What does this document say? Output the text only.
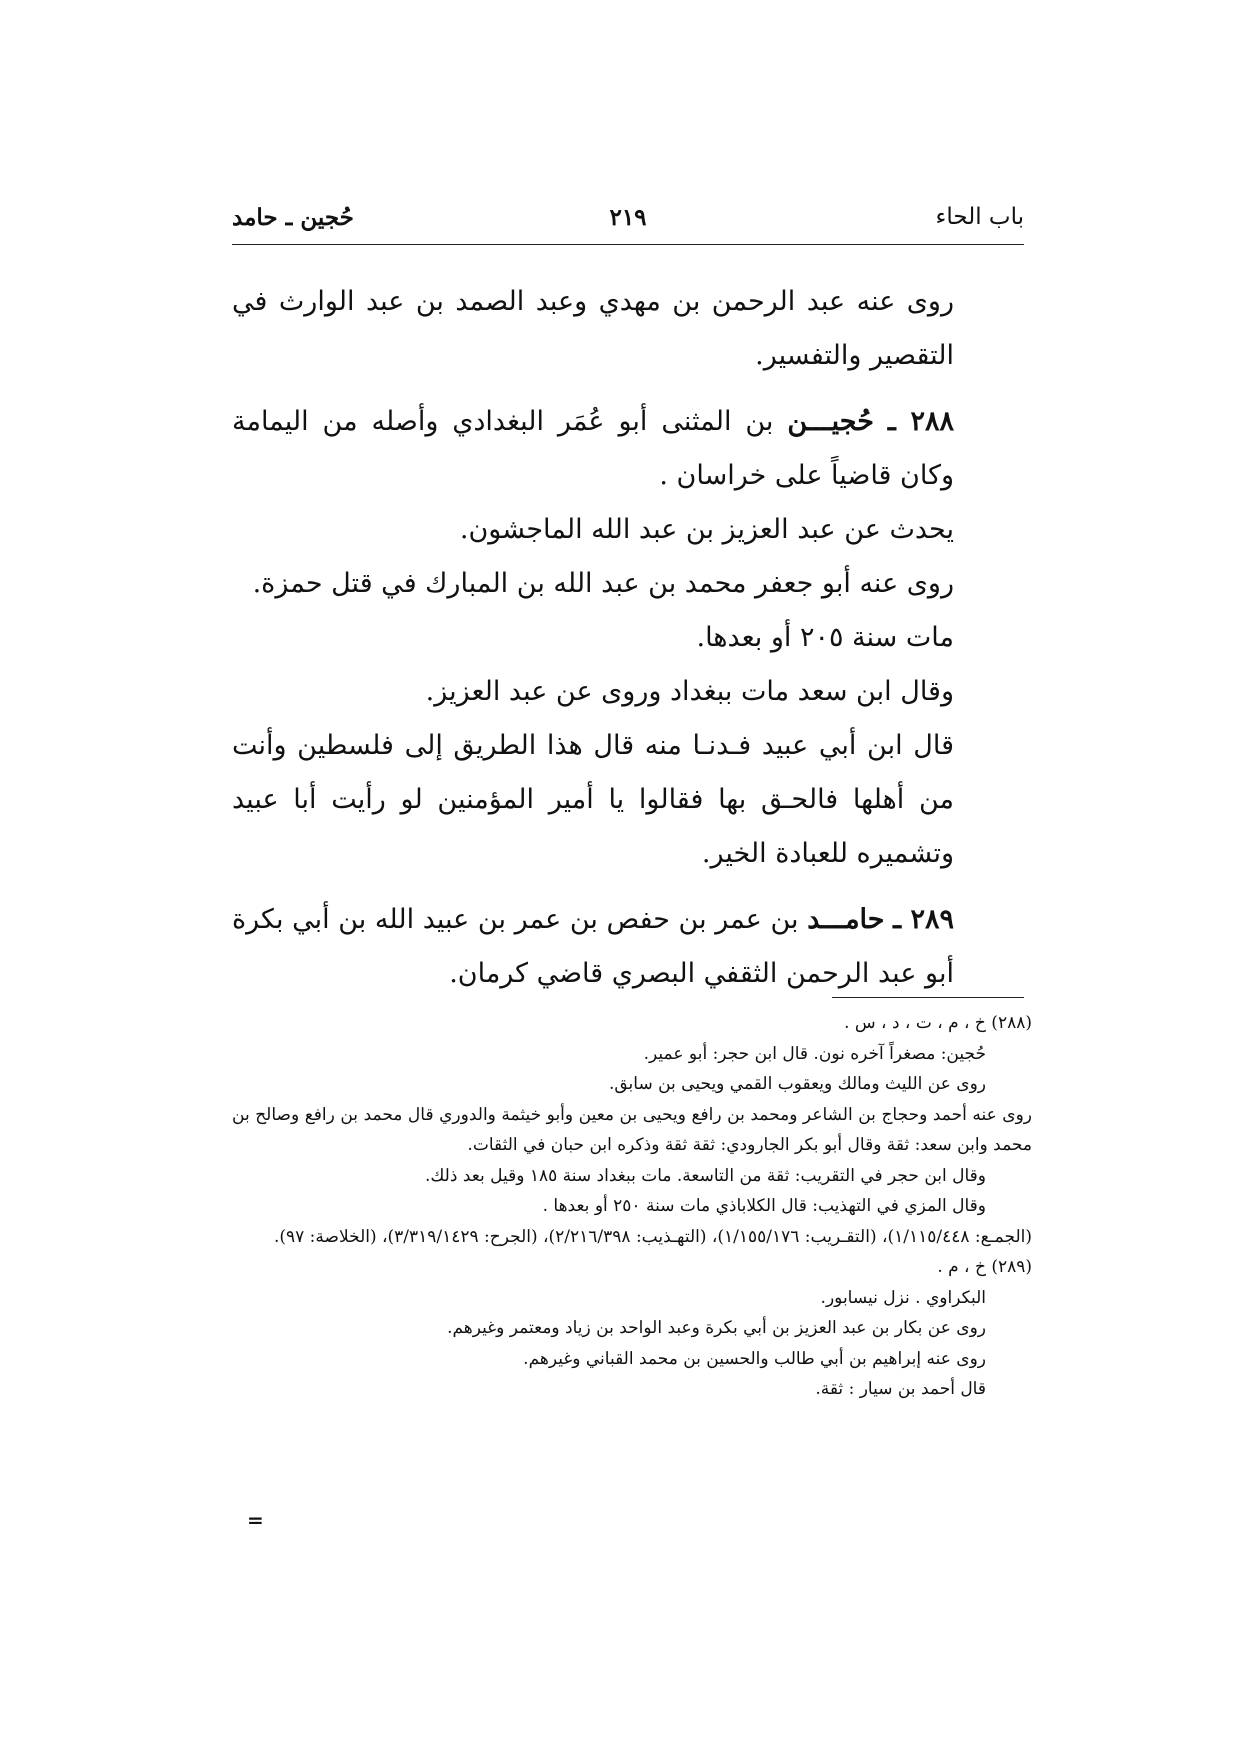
باب الحاء
٢١٩
حُجين ـ حامد

روى عنه عبد الرحمن بن مهدي وعبد الصمد بن عبد الوارث في التقصير والتفسير.

٢٨٨ ـ حُجيـــن بن المثنى أبو عُمَر البغدادي وأصله من اليمامة وكان قاضياً على خراسان .

يحدث عن عبد العزيز بن عبد الله الماجشون.

روى عنه أبو جعفر محمد بن عبد الله بن المبارك في قتل حمزة.

مات سنة ٢٠٥ أو بعدها.

وقال ابن سعد مات ببغداد وروى عن عبد العزيز.

قال ابن أبي عبيد فـدنـا منه قال هذا الطريق إلى فلسطين وأنت من أهلها فالحـق بها فقالوا يا أمير المؤمنين لو رأيت أبا عبيد وتشميره للعبادة الخير.

٢٨٩ ـ حامـــد بن عمر بن حفص بن عمر بن عبيد الله بن أبي بكرة أبو عبد الرحمن الثقفي البصري قاضي كرمان.

(٢٨٨) خ ، م ، ت ، د ، س .

حُجين: مصغراً آخره نون. قال ابن حجر: أبو عمير.

روى عن الليث ومالك ويعقوب القمي ويحيى بن سابق.

روى عنه أحمد وحجاج بن الشاعر ومحمد بن رافع ويحيى بن معين وأبو خيثمة والدوري قال محمد بن رافع وصالح بن محمد وابن سعد: ثقة وقال أبو بكر الجارودي: ثقة ثقة وذكره ابن حبان في الثقات.

وقال ابن حجر في التقريب: ثقة من التاسعة. مات ببغداد سنة ١٨٥ وقيل بعد ذلك.

وقال المزي في التهذيب: قال الكلاباذي مات سنة ٢٥٠ أو بعدها .

(الجمـع: ١/١١٥/٤٤٨)، (التقـريب: ١/١٥٥/١٧٦)، (التهـذيب: ٢/٢١٦/٣٩٨)، (الجرح: ٣/٣١٩/١٤٢٩)، (الخلاصة: ٩٧).

(٢٨٩) خ ، م .

البكراوي . نزل نيسابور.

روى عن بكار بن عبد العزيز بن أبي بكرة وعبد الواحد بن زياد ومعتمر وغيرهم.

روى عنه إبراهيم بن أبي طالب والحسين بن محمد القباني وغيرهم.

قال أحمد بن سيار : ثقة.

=
